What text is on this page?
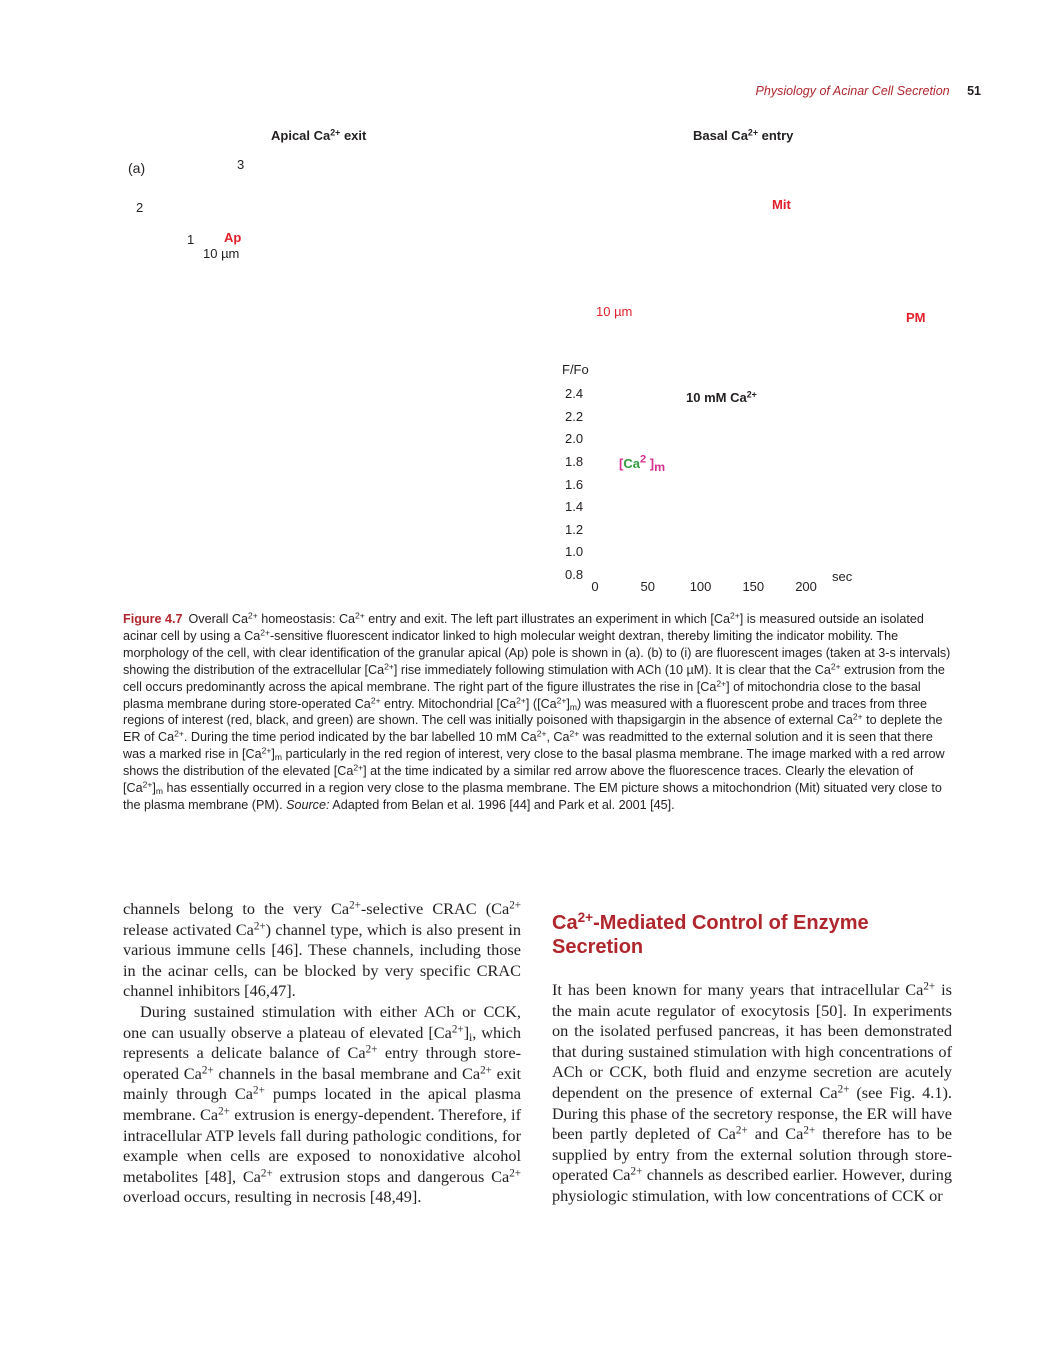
Physiology of Acinar Cell Secretion 51
Apical $Ca^{2+}$ exit
(a)	3
2
1 Ap
10 µm
Basal $Ca^{2+}$ entry
Mit
10 µm	PM
F/Fo
10 mM $Ca^{2+}$
[Ca$^2$ ]$_m$
2.4
2.2
2.0
1.8
1.6
1.4
1.2
1.0
0.8
0	50	100 150 200
sec
Figure 4.7 Overall $Ca^{2+}$ homeostasis: $Ca^{2+}$ entry and exit. The left part illustrates an experiment in which $[Ca^{2+}]$ is measured outside an isolated acinar cell by using a $Ca^{2+}$-sensitive fluorescent indicator linked to high molecular weight dextran, thereby limiting the indicator mobility. The morphology of the cell, with clear identification of the granular apical (Ap) pole is shown in (a). (b) to (i) are fluorescent images (taken at 3-s intervals) showing the distribution of the extracellular $[Ca^{2+}]$ rise immediately following stimulation with ACh (10 µM). It is clear that the $Ca^{2+}$ extrusion from the cell occurs predominantly across the apical membrane. The right part of the figure illustrates the rise in $[Ca^{2+}]$ of mitochondria close to the basal plasma membrane during store-operated $Ca^{2+}$ entry. Mitochondrial $[Ca^{2+}]$ $([Ca^{2+}]_m)$ was measured with a fluorescent probe and traces from three regions of interest (red, black, and green) are shown. The cell was initially poisoned with thapsigargin in the absence of external $Ca^{2+}$ to deplete the ER of $Ca^{2+}$. During the time period indicated by the bar labelled 10 mM $Ca^{2+}$, $Ca^{2+}$ was readmitted to the external solution and it is seen that there was a marked rise in $[Ca^{2+}]_m$ particularly in the red region of interest, very close to the basal plasma membrane. The image marked with a red arrow shows the distribution of the elevated $[Ca^{2+}]$ at the time indicated by a similar red arrow above the fluorescence traces. Clearly the elevation of $[Ca^{2+}]_m$ has essentially occurred in a region very close to the plasma membrane. The EM picture shows a mitochondrion (Mit) situated very close to the plasma membrane (PM). Source: Adapted from Belan et al. 1996 [44] and Park et al. 2001 [45].

channels belong to the very $Ca^{2+}$-selective CRAC ($Ca^{2+}$ release activated $Ca^{2+}$) channel type, which is also present in various immune cells [46]. These channels, including those in the acinar cells, can be blocked by very specific CRAC channel inhibitors [46,47].

During sustained stimulation with either ACh or CCK, one can usually observe a plateau of elevated $[Ca^{2+}]_i$, which represents a delicate balance of $Ca^{2+}$ entry through store-operated $Ca^{2+}$ channels in the basal membrane and $Ca^{2+}$ exit mainly through $Ca^{2+}$ pumps located in the apical plasma membrane. $Ca^{2+}$ extrusion is energy-dependent. Therefore, if intracellular ATP levels fall during pathologic conditions, for example when cells are exposed to nonoxidative alcohol metabolites [48], $Ca^{2+}$ extrusion stops and dangerous $Ca^{2+}$ overload occurs, resulting in necrosis [48,49].

$Ca^{2+}$-Mediated Control of Enzyme Secretion

It has been known for many years that intracellular $Ca^{2+}$ is the main acute regulator of exocytosis [50]. In experiments on the isolated perfused pancreas, it has been demonstrated that during sustained stimulation with high concentrations of ACh or CCK, both fluid and enzyme secretion are acutely dependent on the presence of external $Ca^{2+}$ (see Fig. 4.1). During this phase of the secretory response, the ER will have been partly depleted of $Ca^{2+}$ and $Ca^{2+}$ therefore has to be supplied by entry from the external solution through store-operated $Ca^{2+}$ channels as described earlier. However, during physiologic stimulation, with low concentrations of CCK or
